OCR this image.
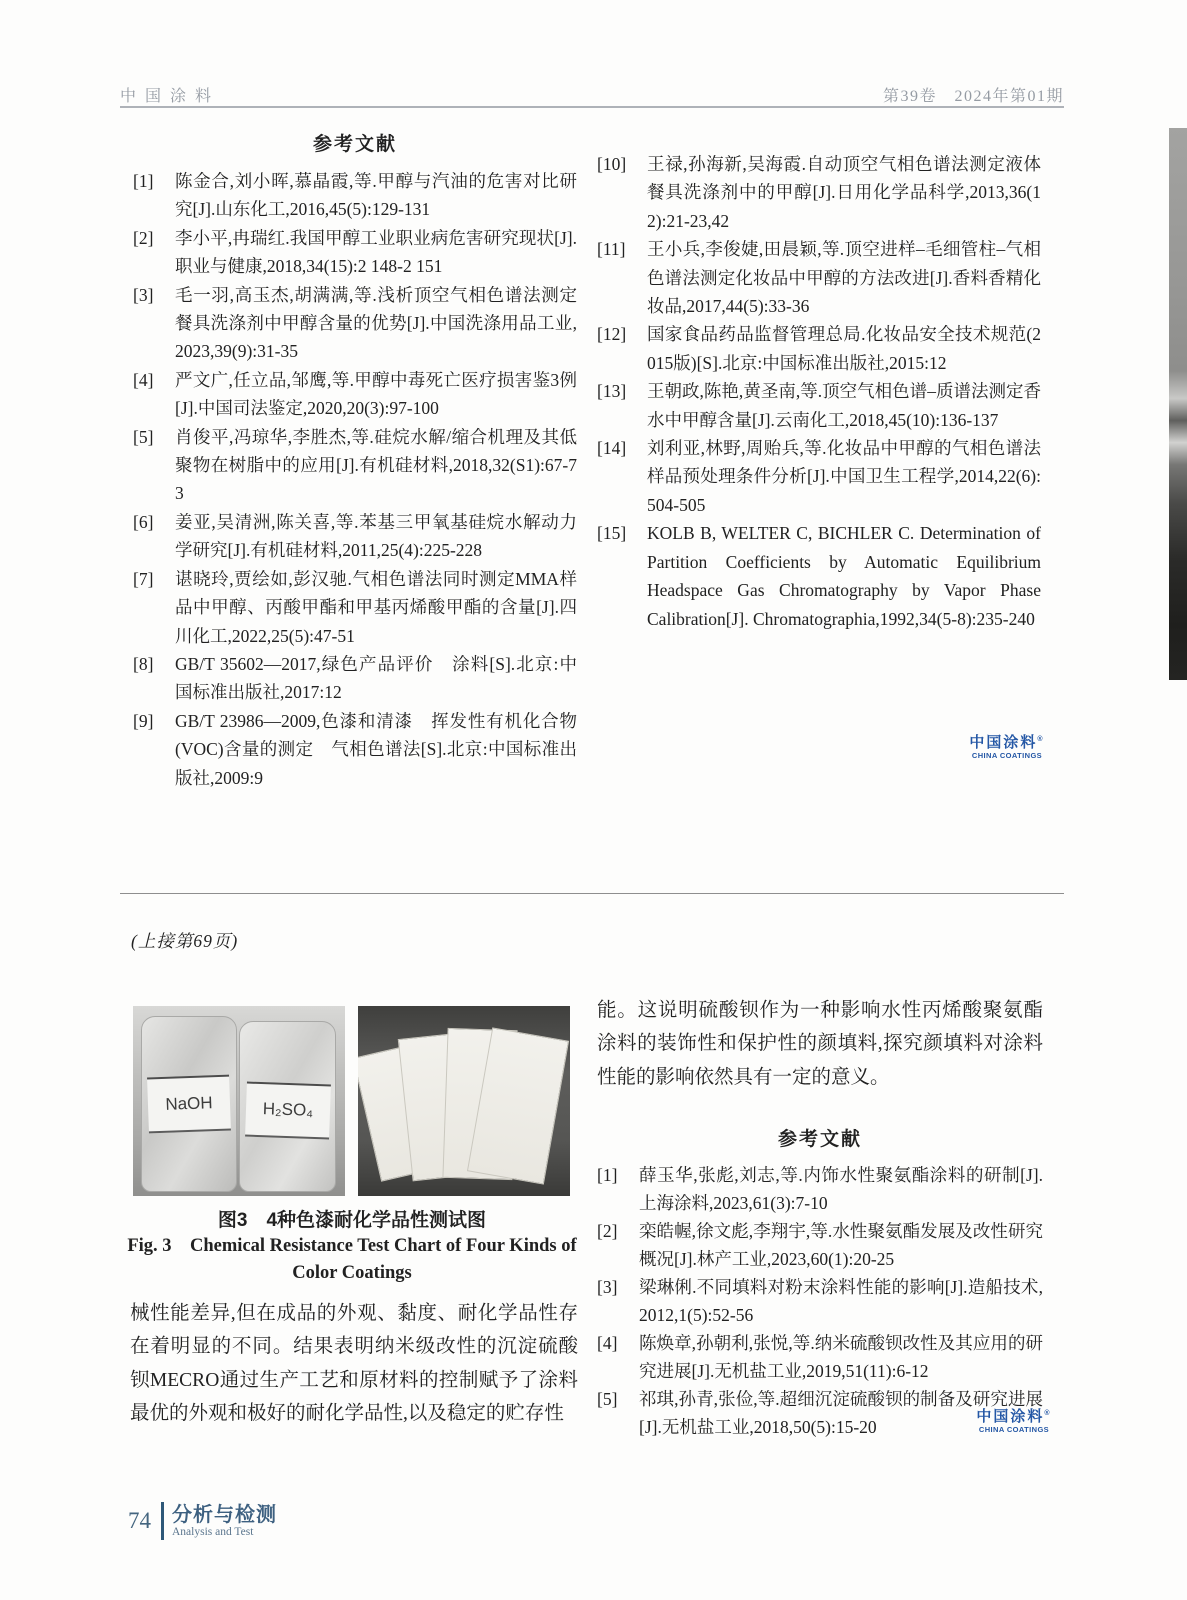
中国涂料	第39卷　2024年第01期
参考文献
[1] 陈金合,刘小晖,慕晶霞,等.甲醇与汽油的危害对比研究[J].山东化工,2016,45(5):129-131
[2] 李小平,冉瑞红.我国甲醇工业职业病危害研究现状[J].职业与健康,2018,34(15):2 148-2 151
[3] 毛一羽,高玉杰,胡满满,等.浅析顶空气相色谱法测定餐具洗涤剂中甲醇含量的优势[J].中国洗涤用品工业,2023,39(9):31-35
[4] 严文广,任立品,邹鹰,等.甲醇中毒死亡医疗损害鉴3例[J].中国司法鉴定,2020,20(3):97-100
[5] 肖俊平,冯琼华,李胜杰,等.硅烷水解/缩合机理及其低聚物在树脂中的应用[J].有机硅材料,2018,32(S1):67-73
[6] 姜亚,吴清洲,陈关喜,等.苯基三甲氧基硅烷水解动力学研究[J].有机硅材料,2011,25(4):225-228
[7] 谌晓玲,贾绘如,彭汉驰.气相色谱法同时测定MMA样品中甲醇、丙酸甲酯和甲基丙烯酸甲酯的含量[J].四川化工,2022,25(5):47-51
[8] GB/T 35602—2017,绿色产品评价　涂料[S].北京:中国标准出版社,2017:12
[9] GB/T 23986—2009,色漆和清漆　挥发性有机化合物(VOC)含量的测定　气相色谱法[S].北京:中国标准出版社,2009:9
[10] 王禄,孙海新,吴海霞.自动顶空气相色谱法测定液体餐具洗涤剂中的甲醇[J].日用化学品科学,2013,36(12):21-23,42
[11] 王小兵,李俊婕,田晨颖,等.顶空进样–毛细管柱–气相色谱法测定化妆品中甲醇的方法改进[J].香料香精化妆品,2017,44(5):33-36
[12] 国家食品药品监督管理总局.化妆品安全技术规范(2015版)[S].北京:中国标准出版社,2015:12
[13] 王朝政,陈艳,黄圣南,等.顶空气相色谱–质谱法测定香水中甲醇含量[J].云南化工,2018,45(10):136-137
[14] 刘利亚,林野,周贻兵,等.化妆品中甲醇的气相色谱法样品预处理条件分析[J].中国卫生工程学,2014,22(6):504-505
[15] KOLB B, WELTER C, BICHLER C. Determination of Partition Coefficients by Automatic Equilibrium Headspace Gas Chromatography by Vapor Phase Calibration[J]. Chromatographia,1992,34(5-8):235-240
中国涂料®
CHINA COATINGS
(上接第69页)
NaOH	H₂SO₄
图3　4种色漆耐化学品性测试图
Fig. 3　Chemical Resistance Test Chart of Four Kinds of
Color Coatings
械性能差异,但在成品的外观、黏度、耐化学品性存在着明显的不同。结果表明纳米级改性的沉淀硫酸钡MECRO通过生产工艺和原材料的控制赋予了涂料最优的外观和极好的耐化学品性,以及稳定的贮存性
能。这说明硫酸钡作为一种影响水性丙烯酸聚氨酯涂料的装饰性和保护性的颜填料,探究颜填料对涂料性能的影响依然具有一定的意义。
参考文献
[1] 薛玉华,张彪,刘志,等.内饰水性聚氨酯涂料的研制[J].上海涂料,2023,61(3):7-10
[2] 栾皓幄,徐文彪,李翔宇,等.水性聚氨酯发展及改性研究概况[J].林产工业,2023,60(1):20-25
[3] 梁琳俐.不同填料对粉末涂料性能的影响[J].造船技术,2012,1(5):52-56
[4] 陈焕章,孙朝利,张悦,等.纳米硫酸钡改性及其应用的研究进展[J].无机盐工业,2019,51(11):6-12
[5] 祁琪,孙青,张俭,等.超细沉淀硫酸钡的制备及研究进展[J].无机盐工业,2018,50(5):15-20
中国涂料®
CHINA COATINGS
74 分析与检测
Analysis and Test
